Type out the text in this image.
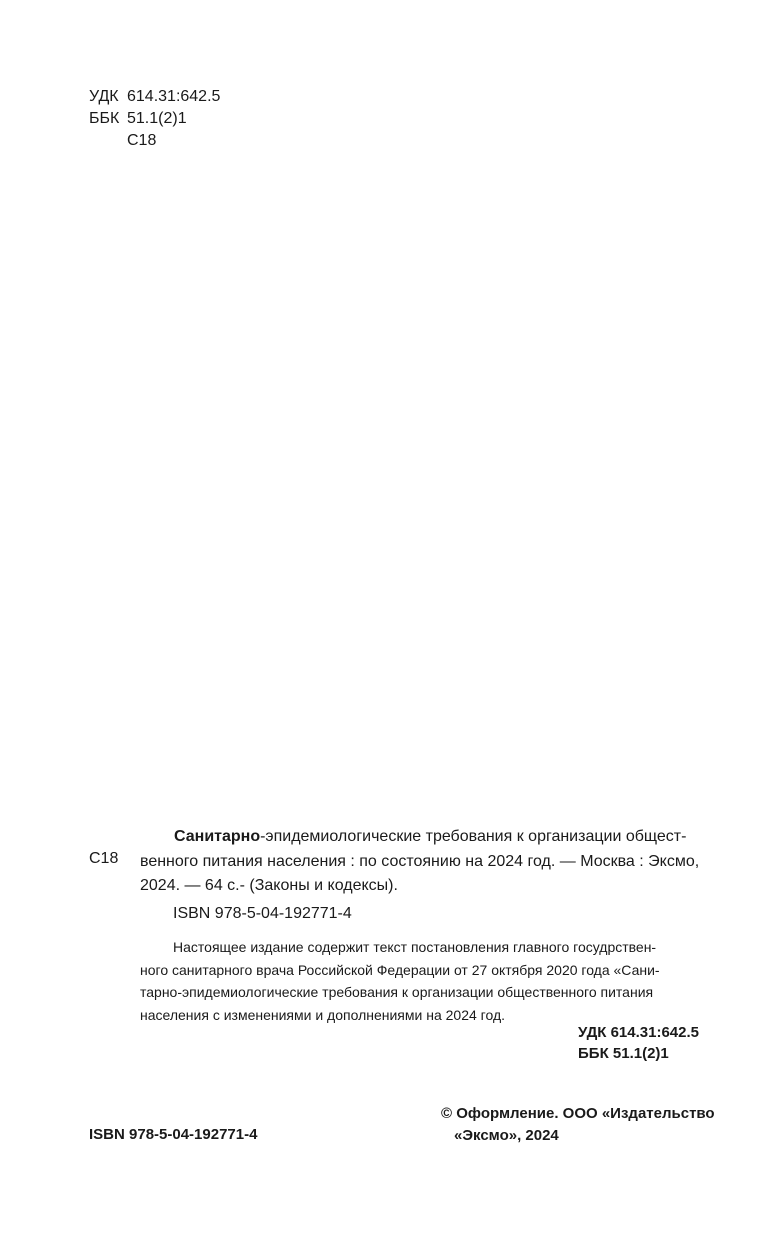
УДК 614.31:642.5
ББК 51.1(2)1
С18
С18
Санитарно-эпидемиологические требования к организации общест-
венного питания населения : по состоянию на 2024 год. — Москва : Эксмо,
2024. — 64 с.- (Законы и кодексы).
ISBN 978-5-04-192771-4
Настоящее издание содержит текст постановления главного госудрствен-
ного санитарного врача Российской Федерации от 27 октября 2020 года «Сани-
тарно-эпидемиологические требования к организации общественного питания
населения с изменениями и дополнениями на 2024 год.
УДК 614.31:642.5
ББК 51.1(2)1
© Оформление. ООО «Издательство
«Эксмо», 2024
ISBN 978-5-04-192771-4
